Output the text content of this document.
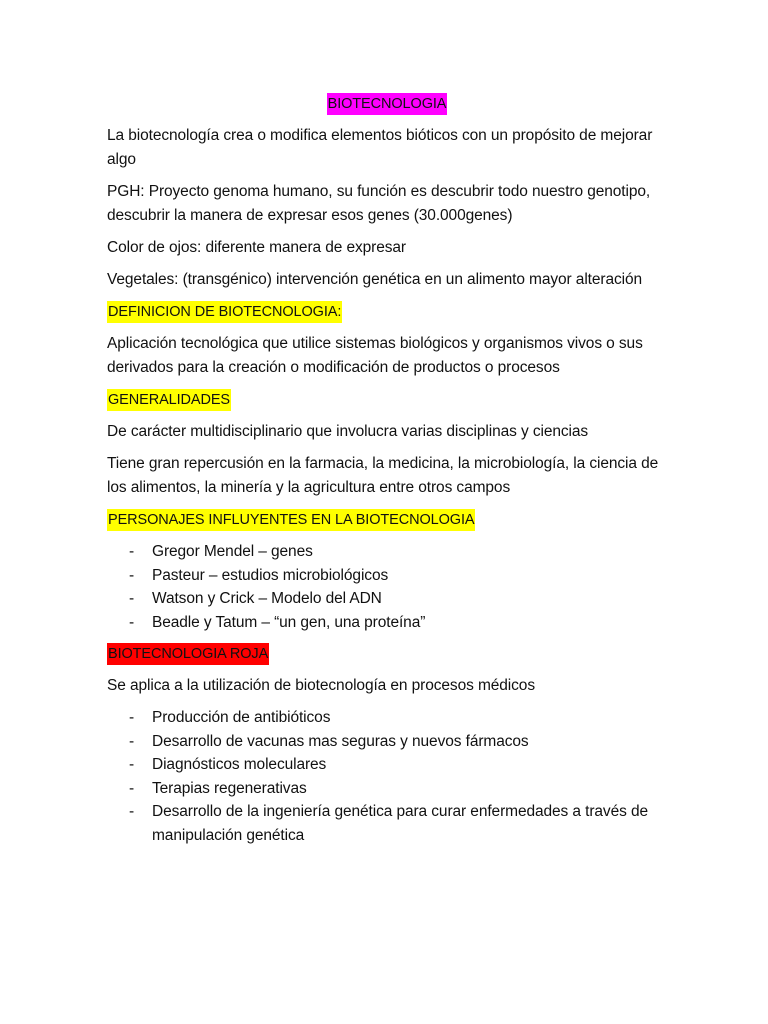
BIOTECNOLOGIA

La biotecnología crea o modifica elementos bióticos con un propósito de mejorar algo

PGH: Proyecto genoma humano, su función es descubrir todo nuestro genotipo, descubrir la manera de expresar esos genes (30.000genes)

Color de ojos: diferente manera de expresar

Vegetales: (transgénico) intervención genética en un alimento mayor alteración

DEFINICION DE BIOTECNOLOGIA:

Aplicación tecnológica que utilice sistemas biológicos y organismos vivos o sus derivados para la creación o modificación de productos o procesos

GENERALIDADES

De carácter multidisciplinario que involucra varias disciplinas y ciencias

Tiene gran repercusión en la farmacia, la medicina, la microbiología, la ciencia de los alimentos, la minería y la agricultura entre otros campos

PERSONAJES INFLUYENTES EN LA BIOTECNOLOGIA
- Gregor Mendel – genes
- Pasteur – estudios microbiológicos
- Watson y Crick – Modelo del ADN
- Beadle y Tatum – “un gen, una proteína”
BIOTECNOLOGIA ROJA

Se aplica a la utilización de biotecnología en procesos médicos

- Producción de antibióticos
- Desarrollo de vacunas mas seguras y nuevos fármacos
- Diagnósticos moleculares
- Terapias regenerativas
- Desarrollo de la ingeniería genética para curar enfermedades a través de manipulación genética
